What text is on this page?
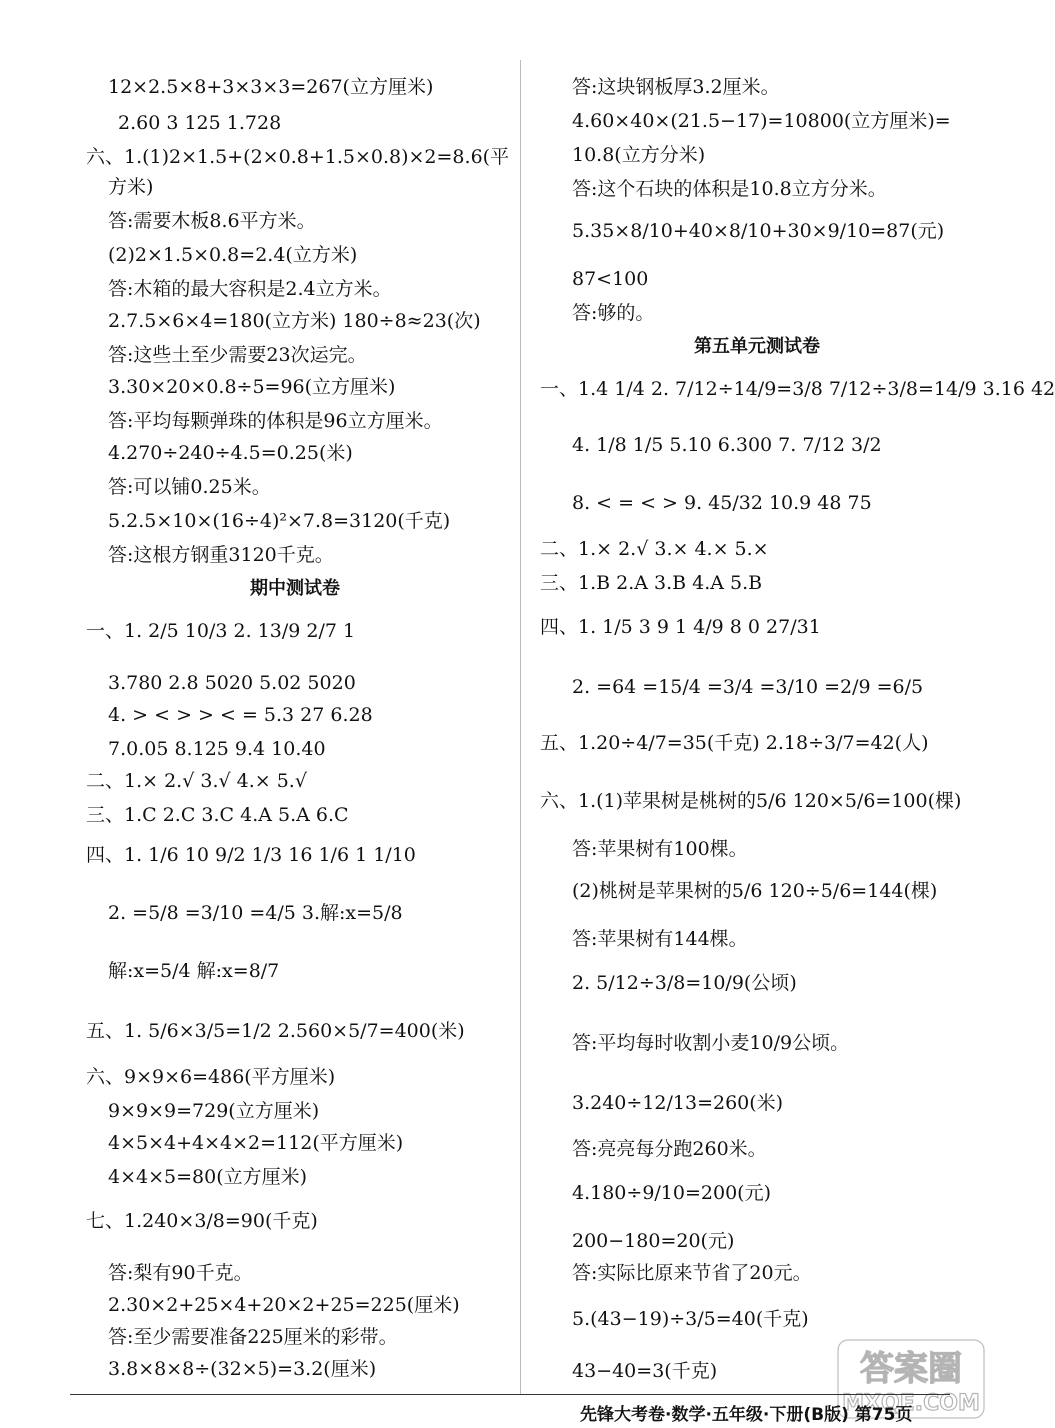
12×2.5×8+3×3×3=267(立方厘米)
2.60 3 125 1.728
六、1.(1)2×1.5+(2×0.8+1.5×0.8)×2=8.6(平
方米)
答:需要木板8.6平方米。
(2)2×1.5×0.8=2.4(立方米)
答:木箱的最大容积是2.4立方米。
2.7.5×6×4=180(立方米) 180÷8≈23(次)
答:这些土至少需要23次运完。
3.30×20×0.8÷5=96(立方厘米)
答:平均每颗弹珠的体积是96立方厘米。
4.270÷240÷4.5=0.25(米)
答:可以铺0.25米。
5.2.5×10×(16÷4)²×7.8=3120(千克)
答:这根方钢重3120千克。
期中测试卷
一、1. 2/5 10/3 2. 13/9 2/7 1
3.780 2.8 5020 5.02 5020
4. > < > > < = 5.3 27 6.28
7.0.05 8.125 9.4 10.40
二、1.× 2.√ 3.√ 4.× 5.√
三、1.C 2.C 3.C 4.A 5.A 6.C
四、1. 1/6 10 9/2 1/3 16 1/6 1 1/10
2. =5/8 =3/10 =4/5 3.解:x=5/8
解:x=5/4 解:x=8/7
五、1. 5/6×3/5=1/2 2.560×5/7=400(米)
六、9×9×6=486(平方厘米)
9×9×9=729(立方厘米)
4×5×4+4×4×2=112(平方厘米)
4×4×5=80(立方厘米)
七、1.240×3/8=90(千克)
答:梨有90千克。
2.30×2+25×4+20×2+25=225(厘米)
答:至少需要准备225厘米的彩带。
3.8×8×8÷(32×5)=3.2(厘米)
答:这块钢板厚3.2厘米。
4.60×40×(21.5−17)=10800(立方厘米)=
10.8(立方分米)
答:这个石块的体积是10.8立方分米。
5.35×8/10+40×8/10+30×9/10=87(元)
87<100
答:够的。
第五单元测试卷
一、1.4 1/4 2. 7/12÷14/9=3/8 7/12÷3/8=14/9 3.16 42
4. 1/8 1/5 5.10 6.300 7. 7/12 3/2
8. < = < > 9. 45/32 10.9 48 75
二、1.× 2.√ 3.× 4.× 5.×
三、1.B 2.A 3.B 4.A 5.B
四、1. 1/5 3 9 1 4/9 8 0 27/31
2. =64 =15/4 =3/4 =3/10 =2/9 =6/5
五、1.20÷4/7=35(千克) 2.18÷3/7=42(人)
六、1.(1)苹果树是桃树的5/6 120×5/6=100(棵)
答:苹果树有100棵。
(2)桃树是苹果树的5/6 120÷5/6=144(棵)
答:苹果树有144棵。
2. 5/12÷3/8=10/9(公顷)
答:平均每时收割小麦10/9公顷。
3.240÷12/13=260(米)
答:亮亮每分跑260米。
4.180÷9/10=200(元)
200−180=20(元)
答:实际比原来节省了20元。
5.(43−19)÷3/5=40(千克)
43−40=3(千克)	答案圈
MXQE.COM
先锋大考卷·数学·五年级·下册(B版) 第75页
